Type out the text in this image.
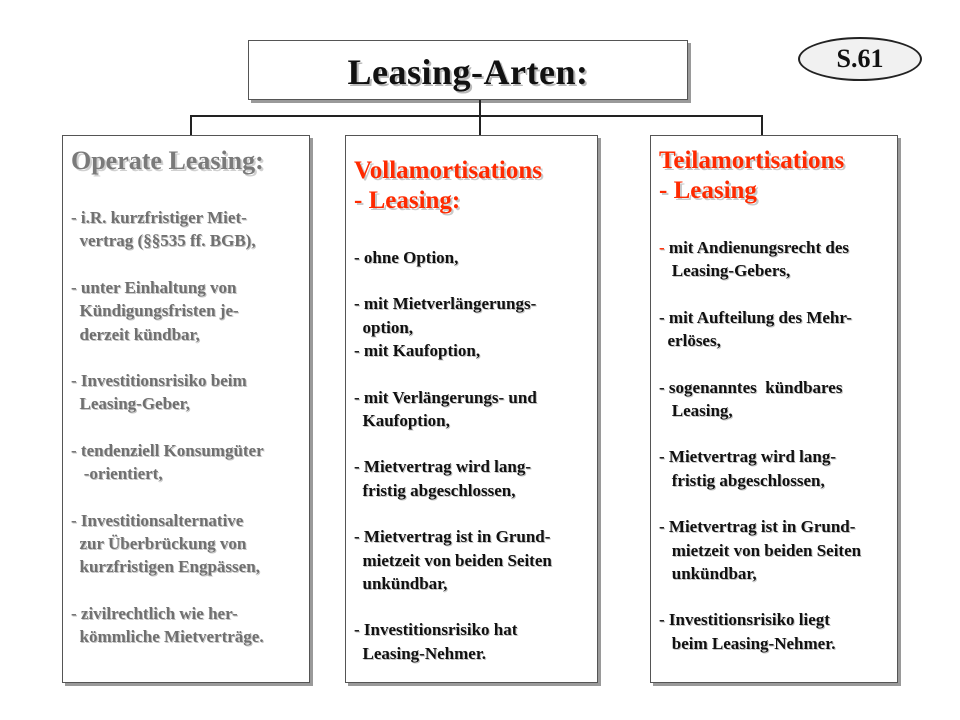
Leasing-Arten:	S.61
Operate Leasing:
- i.R. kurzfristiger Miet-
vertrag (§§535 ff. BGB),
- unter Einhaltung von
Kündigungsfristen je-
derzeit kündbar,
- Investitionsrisiko beim
Leasing-Geber,
- tendenziell Konsumgüter
-orientiert,
- Investitionsalternative
zur Überbrückung von
kurzfristigen Engpässen,
- zivilrechtlich wie her-
kömmliche Mietverträge.
Vollamortisations
- Leasing:
- ohne Option,
- mit Mietverlängerungs-
option,
- mit Kaufoption,
- mit Verlängerungs- und
Kaufoption,
- Mietvertrag wird lang-
fristig abgeschlossen,
- Mietvertrag ist in Grund-
mietzeit von beiden Seiten
unkündbar,
- Investitionsrisiko hat
Leasing-Nehmer.
Teilamortisations
- Leasing
- mit Andienungsrecht des
Leasing-Gebers,
- mit Aufteilung des Mehr-
erlöses,
- sogenanntes  kündbares
Leasing,
- Mietvertrag wird lang-
fristig abgeschlossen,
- Mietvertrag ist in Grund-
mietzeit von beiden Seiten
unkündbar,
- Investitionsrisiko liegt
beim Leasing-Nehmer.
